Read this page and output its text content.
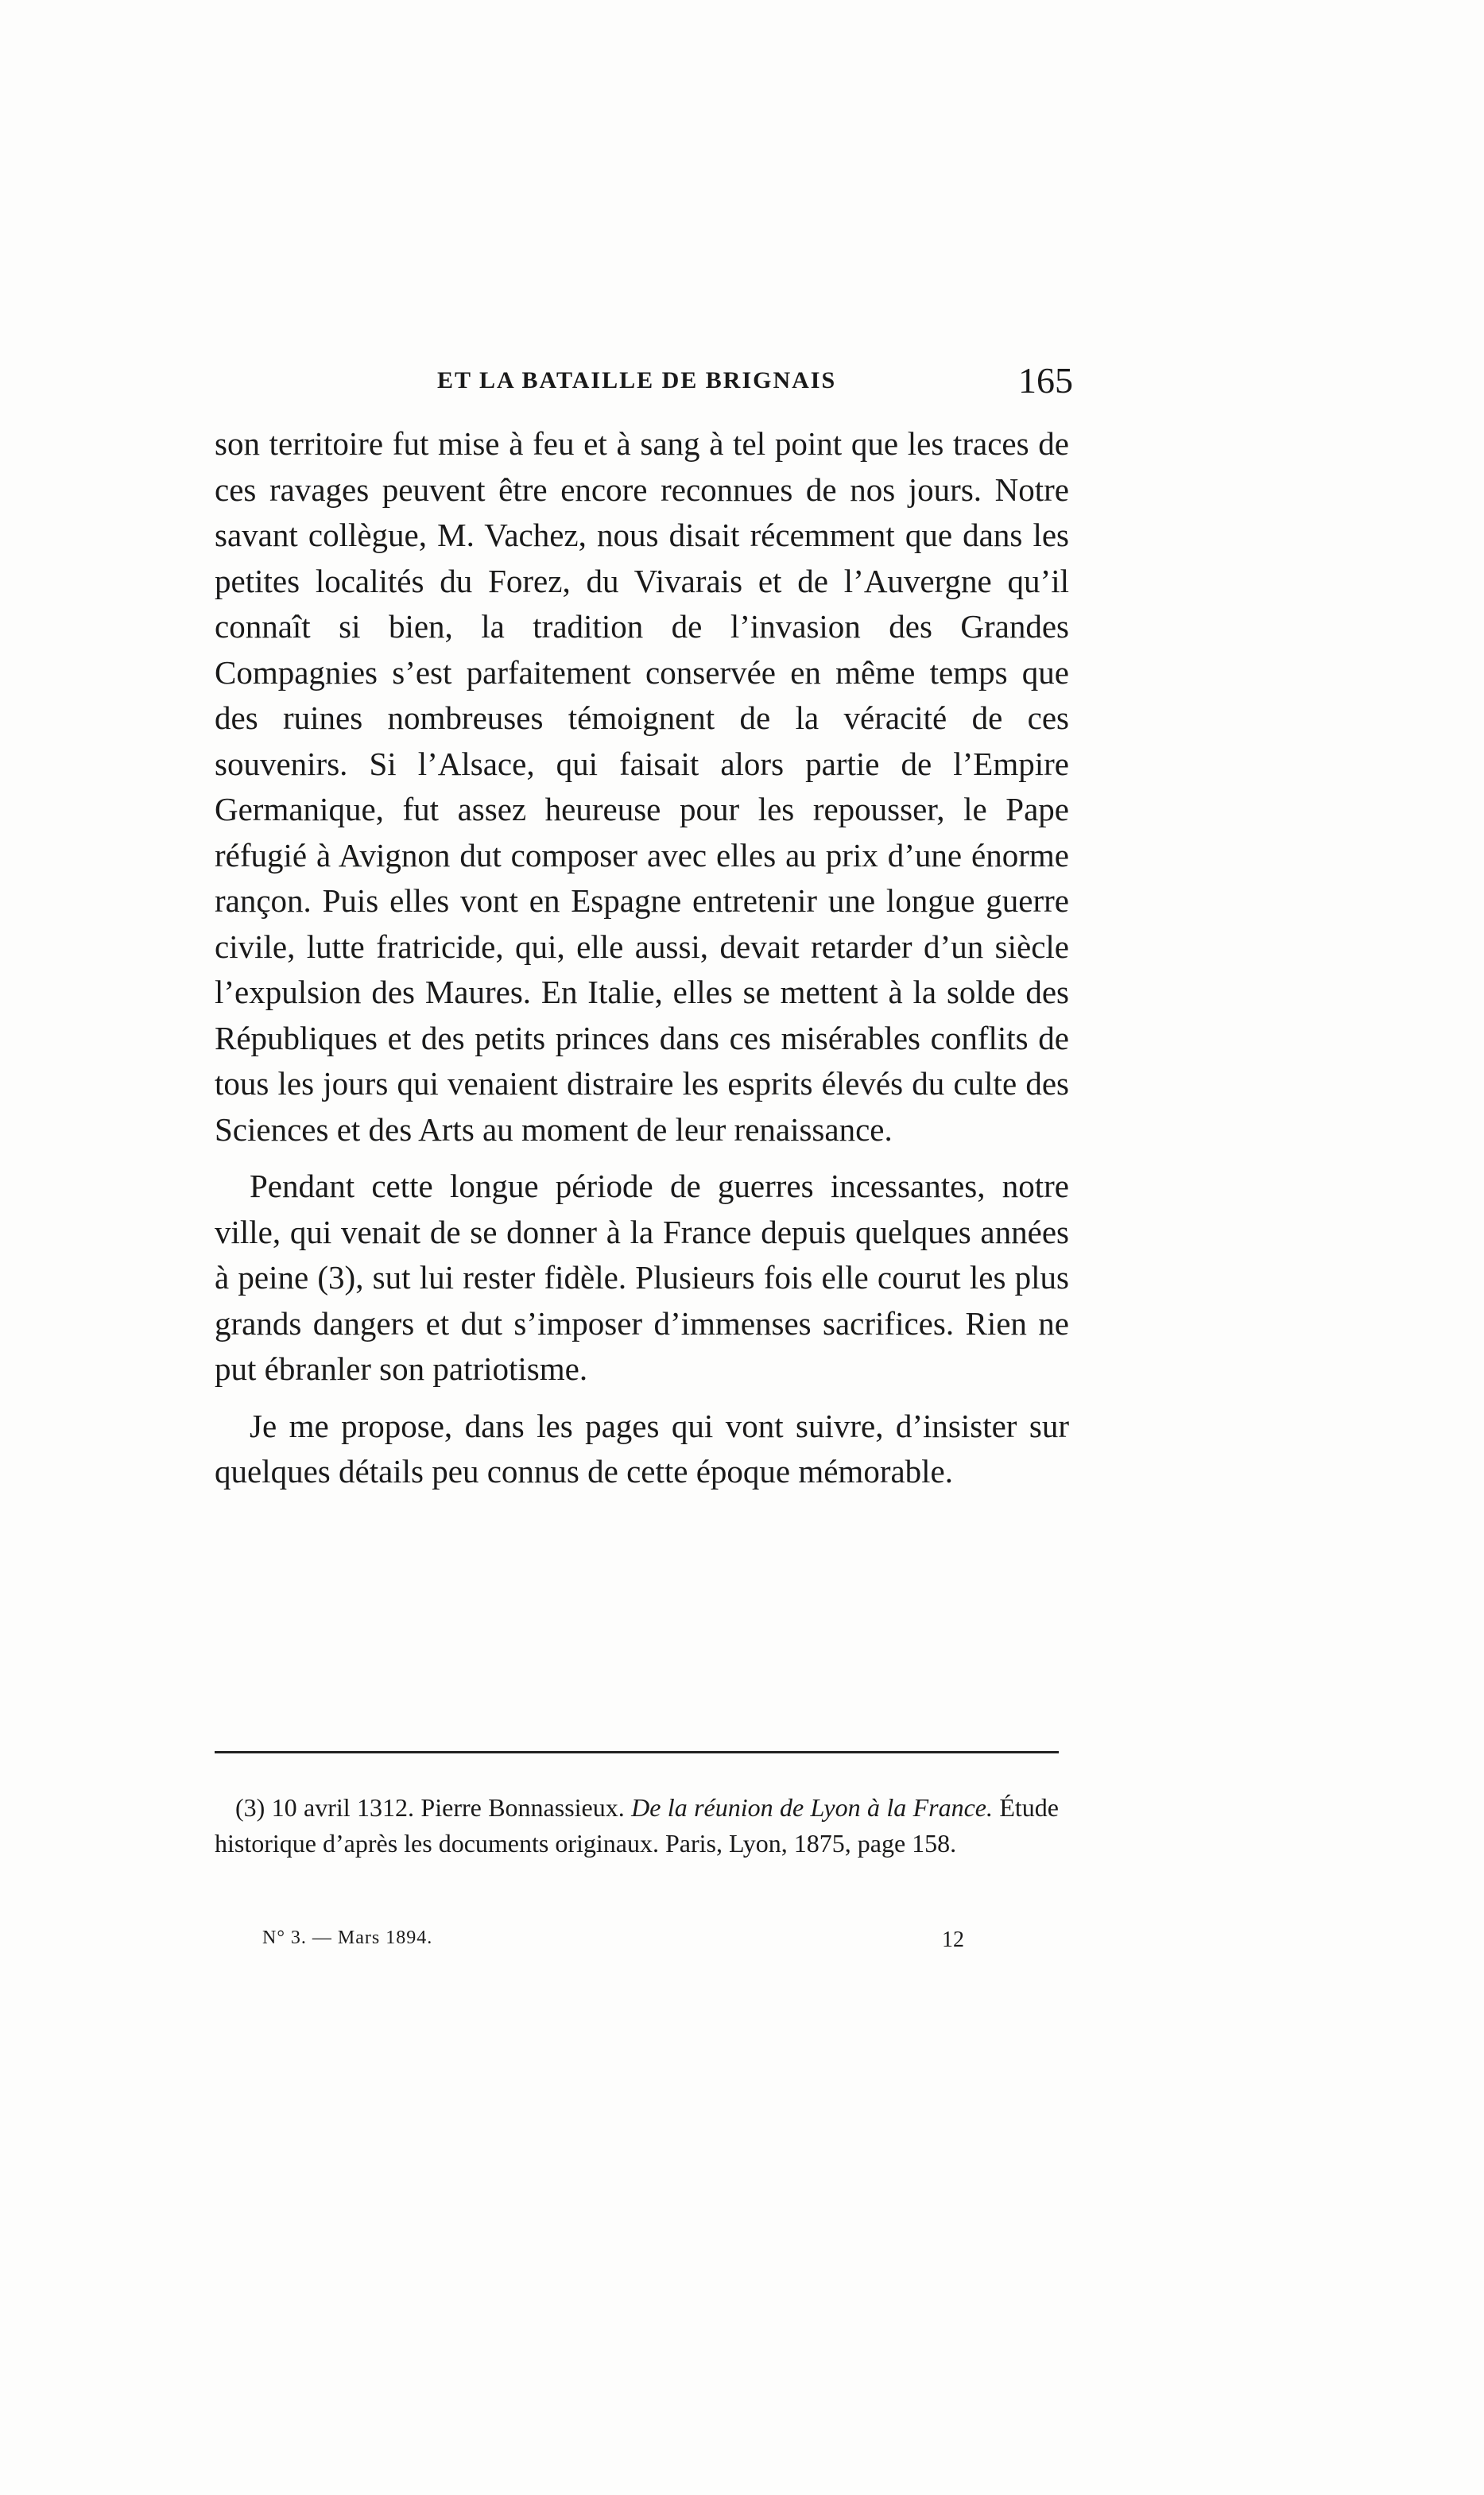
ET LA BATAILLE DE BRIGNAIS	165

son territoire fut mise à feu et à sang à tel point que les traces de ces ravages peuvent être encore reconnues de nos jours. Notre savant collègue, M. Vachez, nous disait récemment que dans les petites localités du Forez, du Vivarais et de l’Auvergne qu’il connaît si bien, la tradition de l’invasion des Grandes Compagnies s’est parfaitement conservée en même temps que des ruines nombreuses témoignent de la véracité de ces souvenirs. Si l’Alsace, qui faisait alors partie de l’Empire Germanique, fut assez heureuse pour les repousser, le Pape réfugié à Avignon dut composer avec elles au prix d’une énorme rançon. Puis elles vont en Espagne entretenir une longue guerre civile, lutte fratricide, qui, elle aussi, devait retarder d’un siècle l’expulsion des Maures. En Italie, elles se mettent à la solde des Républiques et des petits princes dans ces misérables conflits de tous les jours qui venaient distraire les esprits élevés du culte des Sciences et des Arts au moment de leur renaissance.

Pendant cette longue période de guerres incessantes, notre ville, qui venait de se donner à la France depuis quelques années à peine (3), sut lui rester fidèle. Plusieurs fois elle courut les plus grands dangers et dut s’imposer d’immenses sacrifices. Rien ne put ébranler son patriotisme.

Je me propose, dans les pages qui vont suivre, d’insister sur quelques détails peu connus de cette époque mémorable.

(3) 10 avril 1312. Pierre Bonnassieux. De la réunion de Lyon à la France. Étude historique d’après les documents originaux. Paris, Lyon, 1875, page 158.
N° 3. — Mars 1894.	12
